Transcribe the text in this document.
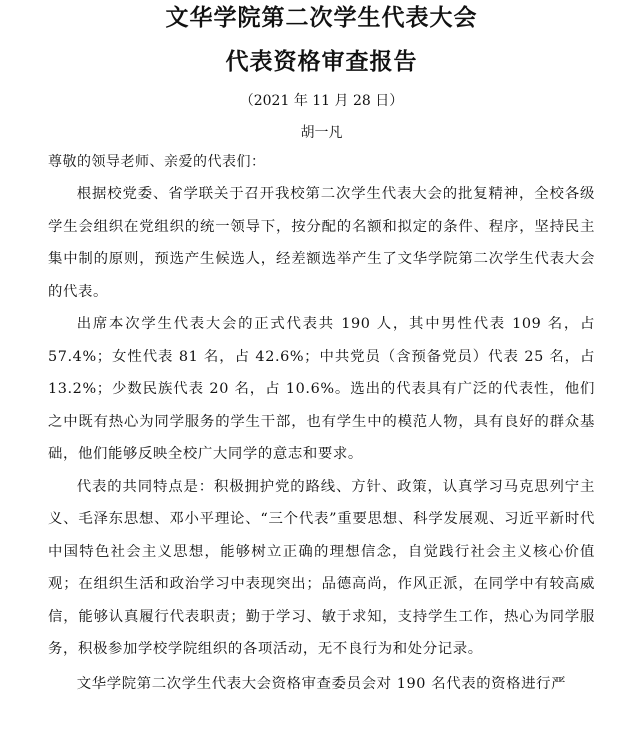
文华学院第二次学生代表大会
代表资格审查报告
（2021 年 11 月 28 日）
胡一凡
尊敬的领导老师、亲爱的代表们：

根据校党委、省学联关于召开我校第二次学生代表大会的批复精神，全校各级学生会组织在党组织的统一领导下，按分配的名额和拟定的条件、程序，坚持民主集中制的原则，预选产生候选人，经差额选举产生了文华学院第二次学生代表大会的代表。

出席本次学生代表大会的正式代表共 190 人，其中男性代表 109 名，占 57.4%；女性代表 81 名，占 42.6%；中共党员（含预备党员）代表 25 名，占 13.2%；少数民族代表 20 名，占 10.6%。选出的代表具有广泛的代表性，他们之中既有热心为同学服务的学生干部，也有学生中的模范人物，具有良好的群众基础，他们能够反映全校广大同学的意志和要求。

代表的共同特点是：积极拥护党的路线、方针、政策，认真学习马克思列宁主义、毛泽东思想、邓小平理论、“三个代表”重要思想、科学发展观、习近平新时代中国特色社会主义思想，能够树立正确的理想信念，自觉践行社会主义核心价值观；在组织生活和政治学习中表现突出；品德高尚，作风正派，在同学中有较高威信，能够认真履行代表职责；勤于学习、敏于求知，支持学生工作，热心为同学服务，积极参加学校学院组织的各项活动，无不良行为和处分记录。

文华学院第二次学生代表大会资格审查委员会对 190 名代表的资格进行严
